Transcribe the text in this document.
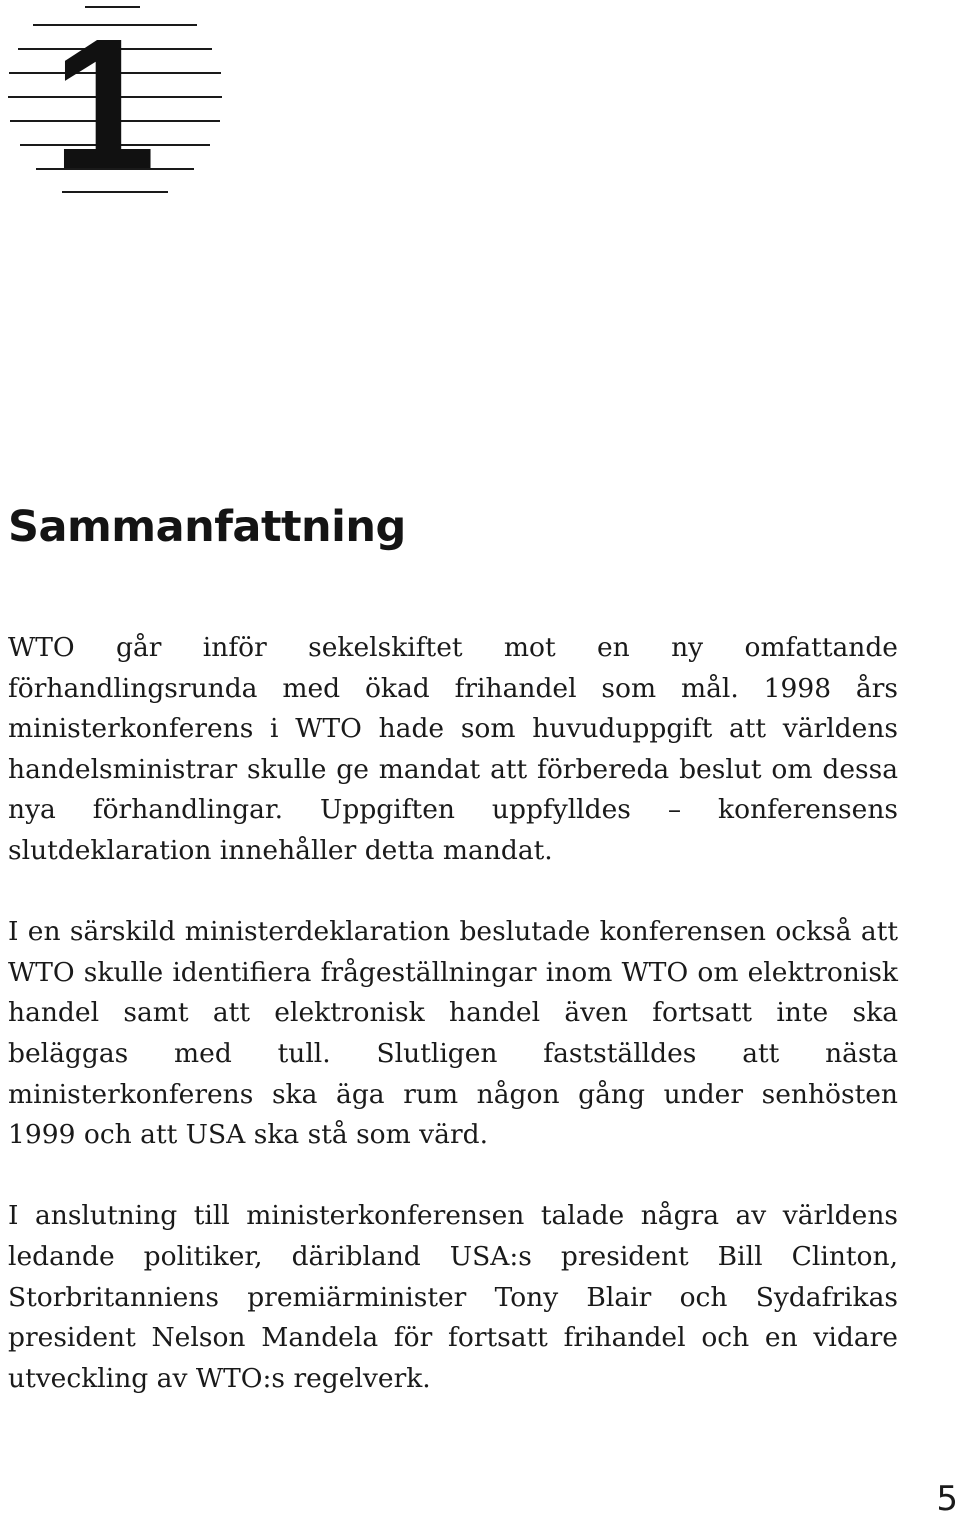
1
Sammanfattning

WTO går inför sekelskiftet mot en ny omfattande förhandlingsrunda med ökad frihandel som mål. 1998 års ministerkonferens i WTO hade som huvuduppgift att världens handelsministrar skulle ge mandat att förbereda beslut om dessa nya förhandlingar. Uppgiften uppfylldes – konferensens slutdeklaration innehåller detta mandat.

I en särskild ministerdeklaration beslutade konferensen också att WTO skulle identifiera frågeställningar inom WTO om elektronisk handel samt att elektronisk handel även fortsatt inte ska beläggas med tull. Slutligen fastställdes att nästa ministerkonferens ska äga rum någon gång under senhösten 1999 och att USA ska stå som värd.

I anslutning till ministerkonferensen talade några av världens ledande politiker, däribland USA:s president Bill Clinton, Storbritanniens premiärminister Tony Blair och Sydafrikas president Nelson Mandela för fortsatt frihandel och en vidare utveckling av WTO:s regelverk.

5
